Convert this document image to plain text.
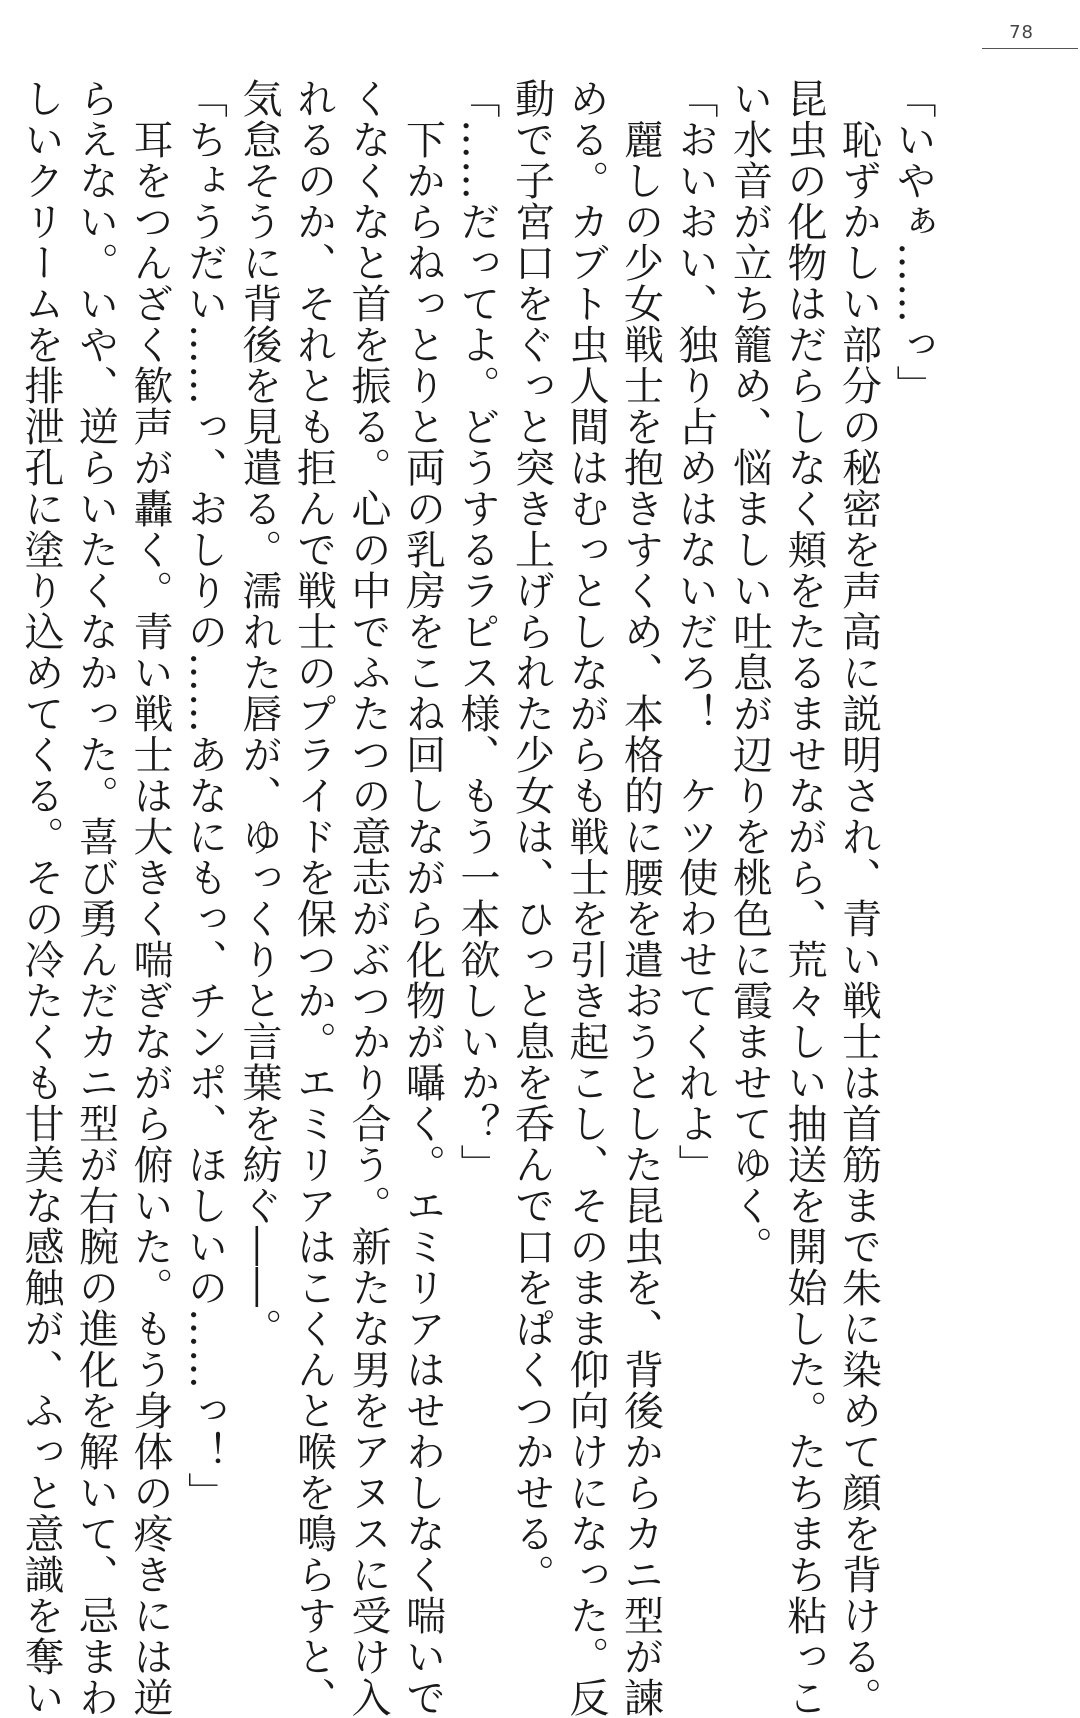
78

「いやぁ……っ」

　恥ずかしい部分の秘密を声高に説明され、青い戦士は首筋まで朱に染めて顔を背ける。

昆虫の化物はだらしなく頬をたるませながら、荒々しい抽送を開始した。たちまち粘っこ

い水音が立ち籠め、悩ましい吐息が辺りを桃色に霞ませてゆく。

「おいおい、独り占めはないだろ！　ケツ使わせてくれよ」

　麗しの少女戦士を抱きすくめ、本格的に腰を遣おうとした昆虫を、背後からカニ型が諫

める。カブト虫人間はむっとしながらも戦士を引き起こし、そのまま仰向けになった。反

動で子宮口をぐっと突き上げられた少女は、ひっと息を呑んで口をぱくつかせる。

「……だってよ。どうするラピス様、もう一本欲しいか？」

　下からねっとりと両の乳房をこね回しながら化物が囁く。エミリアはせわしなく喘いで

くなくなと首を振る。心の中でふたつの意志がぶつかり合う。新たな男をアヌスに受け入

れるのか、それとも拒んで戦士のプライドを保つか。エミリアはこくんと喉を鳴らすと、

気怠そうに背後を見遣る。濡れた唇が、ゆっくりと言葉を紡ぐ――。

「ちょうだい……っ、おしりの……あなにもっ、チンポ、ほしいの……っ！」

　耳をつんざく歓声が轟く。青い戦士は大きく喘ぎながら俯いた。もう身体の疼きには逆

らえない。いや、逆らいたくなかった。喜び勇んだカニ型が右腕の進化を解いて、忌まわ

しいクリームを排泄孔に塗り込めてくる。その冷たくも甘美な感触が、ふっと意識を奪い
